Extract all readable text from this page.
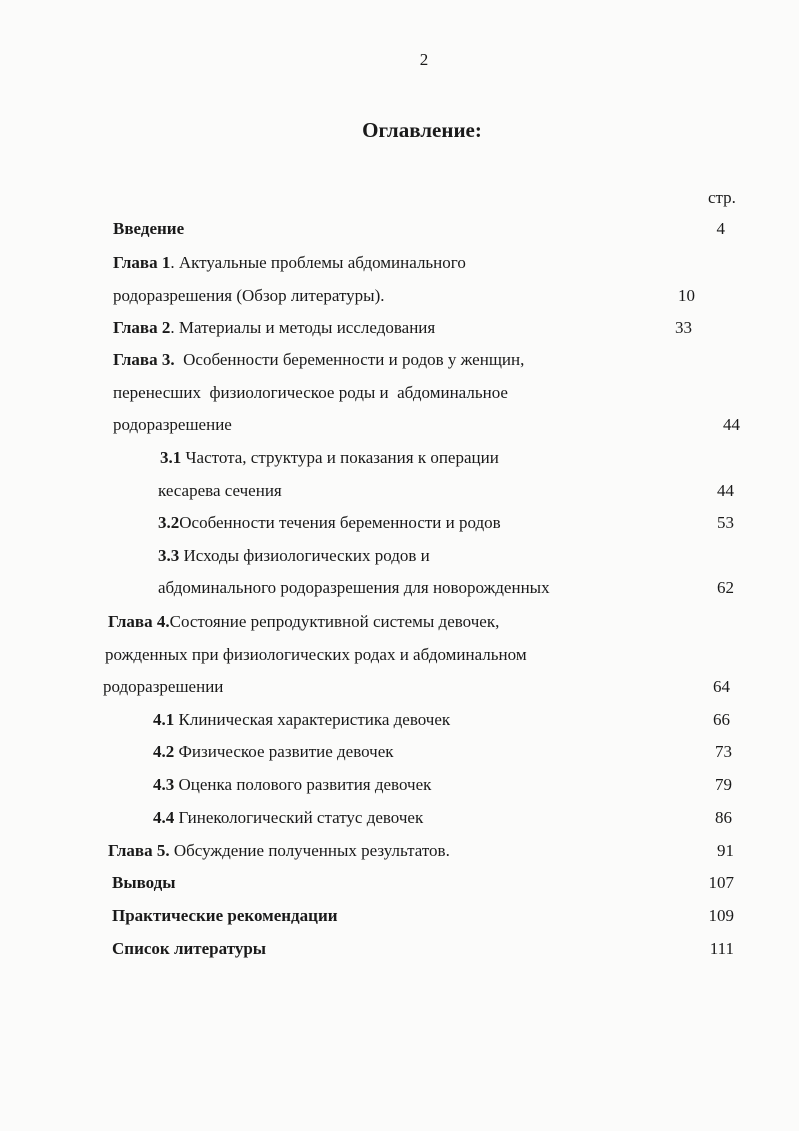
2
Оглавление:
стр.
Введение	4
Глава 1. Актуальные проблемы абдоминального
родоразрешения (Обзор литературы).	10
Глава 2. Материалы и методы исследования	33
Глава 3.  Особенности беременности и родов у женщин,
перенесших  физиологическое роды и  абдоминальное
родоразрешение	44
3.1 Частота, структура и показания к операции
кесарева сечения	44
3.2Особенности течения беременности и родов	53
3.3 Исходы физиологических родов и
абдоминального родоразрешения для новорожденных	62
Глава 4.Состояние репродуктивной системы девочек,
рожденных при физиологических родах и абдоминальном
родоразрешении	64
4.1 Клиническая характеристика девочек	66
4.2 Физическое развитие девочек	73
4.3 Оценка полового развития девочек	79
4.4 Гинекологический статус девочек	86
Глава 5. Обсуждение полученных результатов.	91
Выводы	107
Практические рекомендации	109
Список литературы	111
